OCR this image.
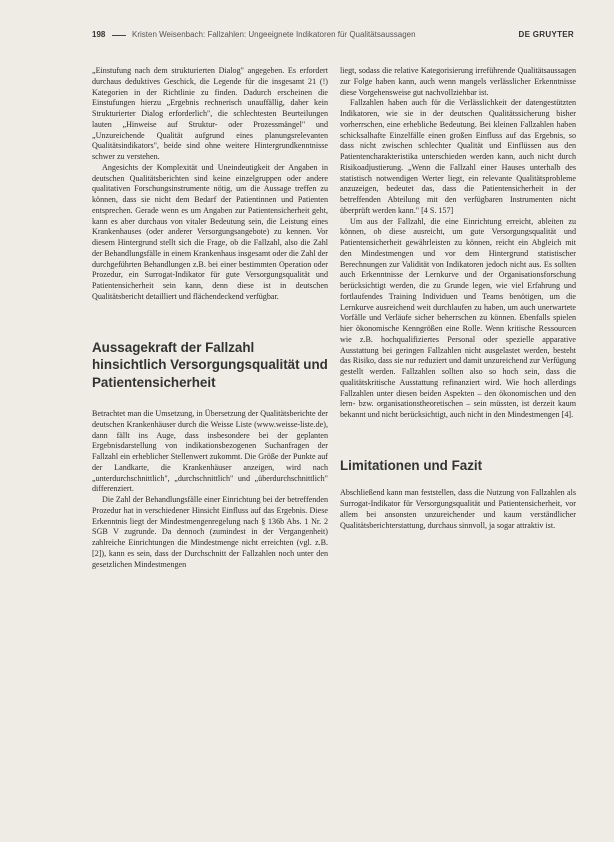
198	Kristen Weisenbach: Fallzahlen: Ungeeignete Indikatoren für Qualitätsaussagen	DE GRUYTER

„Einstufung nach dem strukturierten Dialog" angegeben. Es erfordert durchaus deduktives Geschick, die Legende für die insgesamt 21 (!) Kategorien in der Richtlinie zu finden. Dadurch erscheinen die Einstufungen hierzu „Ergebnis rechnerisch unauffällig, daher kein Strukturierter Dialog erforderlich", die schlechtesten Beurteilungen lauten „Hinweise auf Struktur- oder Prozessmängel" und „Unzureichende Qualität aufgrund eines planungsrelevanten Qualitätsindikators", beide sind ohne weitere Hintergrundkenntnisse schwer zu verstehen.

Angesichts der Komplexität und Uneindeutigkeit der Angaben in deutschen Qualitätsberichten sind keine einzelgruppen oder andere qualitativen Forschungsinstrumente nötig, um die Aussage treffen zu können, dass sie nicht dem Bedarf der Patientinnen und Patienten entsprechen. Gerade wenn es um Angaben zur Patientensicherheit geht, kann es aber durchaus von vitaler Bedeutung sein, die Leistung eines Krankenhauses (oder anderer Versorgungsangebote) zu kennen. Vor diesem Hintergrund stellt sich die Frage, ob die Fallzahl, also die Zahl der Behandlungsfälle in einem Krankenhaus insgesamt oder die Zahl der durchgeführten Behandlungen z.B. bei einer bestimmten Operation oder Prozedur, ein Surrogat-Indikator für gute Versorgungsqualität und Patientensicherheit sein kann, denn diese ist in deutschen Qualitätsbericht detailliert und flächendeckend verfügbar.

Aussagekraft der Fallzahl hinsichtlich Versorgungsqualität und Patientensicherheit

Betrachtet man die Umsetzung, in Übersetzung der Qualitätsberichte der deutschen Krankenhäuser durch die Weisse Liste (www.weisse-liste.de), dann fällt ins Auge, dass insbesondere bei der geplanten Ergebnisdarstellung von indikationsbezogenen Suchanfragen der Fallzahl ein erheblicher Stellenwert zukommt. Die Größe der Punkte auf der Landkarte, die Krankenhäuser anzeigen, wird nach „unterdurchschnittlich", „durchschnittlich" und „überdurchschnittlich" differenziert.

Die Zahl der Behandlungsfälle einer Einrichtung bei der betreffenden Prozedur hat in verschiedener Hinsicht Einfluss auf das Ergebnis. Diese Erkenntnis liegt der Mindestmengenregelung nach § 136b Abs. 1 Nr. 2 SGB V zugrunde. Da dennoch (zumindest in der Vergangenheit) zahlreiche Einrichtungen die Mindestmenge nicht erreichten (vgl. z.B. [2]), kann es sein, dass der Durchschnitt der Fallzahlen noch unter den gesetzlichen Mindestmengen

liegt, sodass die relative Kategorisierung irreführende Qualitätsaussagen zur Folge haben kann, auch wenn mangels verlässlicher Erkenntnisse diese Vorgehensweise gut nachvollziehbar ist.

Fallzahlen haben auch für die Verlässlichkeit der datengestützten Indikatoren, wie sie in der deutschen Qualitätssicherung bisher vorherrschen, eine erhebliche Bedeutung. Bei kleinen Fallzahlen haben schicksalhafte Einzelfälle einen großen Einfluss auf das Ergebnis, so dass nicht zwischen schlechter Qualität und Einflüssen aus den Patientencharakteristika unterschieden werden kann, auch nicht durch Risikoadjustierung. „Wenn die Fallzahl einer Hauses unterhalb des statistisch notwendigen Werter liegt, ein relevante Qualitätsprobleme anzuzeigen, bedeutet das, dass die Patientensicherheit in der betreffenden Abteilung mit den verfügbaren Instrumenten nicht überprüft werden kann." [4 S. 157]

Um aus der Fallzahl, die eine Einrichtung erreicht, ableiten zu können, ob diese ausreicht, um gute Versorgungsqualität und Patientensicherheit gewährleisten zu können, reicht ein Abgleich mit den Mindestmengen und vor dem Hintergrund statistischer Berechnungen zur Validität von Indikatoren jedoch nicht aus. Es sollten auch Erkenntnisse der Lernkurve und der Organisationsforschung berücksichtigt werden, die zu Grunde legen, wie viel Erfahrung und fortlaufendes Training Individuen und Teams benötigen, um die Lernkurve ausreichend weit durchlaufen zu haben, um auch unerwartete Vorfälle und Verläufe sicher beherrschen zu können. Ebenfalls spielen hier ökonomische Kenngrößen eine Rolle. Wenn kritische Ressourcen wie z.B. hochqualifiziertes Personal oder spezielle apparative Ausstattung bei geringen Fallzahlen nicht ausgelastet werden, besteht das Risiko, dass sie nur reduziert und damit unzureichend zur Verfügung gestellt werden. Fallzahlen sollten also so hoch sein, dass die qualitätskritische Ausstattung refinanziert wird. Wie hoch allerdings Fallzahlen unter diesen beiden Aspekten – den ökonomischen und den lern- bzw. organisationstheoretischen – sein müssten, ist derzeit kaum bekannt und nicht berücksichtigt, auch nicht in den Mindestmengen [4].

Limitationen und Fazit

Abschließend kann man feststellen, dass die Nutzung von Fallzahlen als Surrogat-Indikator für Versorgungsqualität und Patientensicherheit, vor allem bei ansonsten unzureichender und kaum verständlicher Qualitätsberichterstattung, durchaus sinnvoll, ja sogar attraktiv ist.
